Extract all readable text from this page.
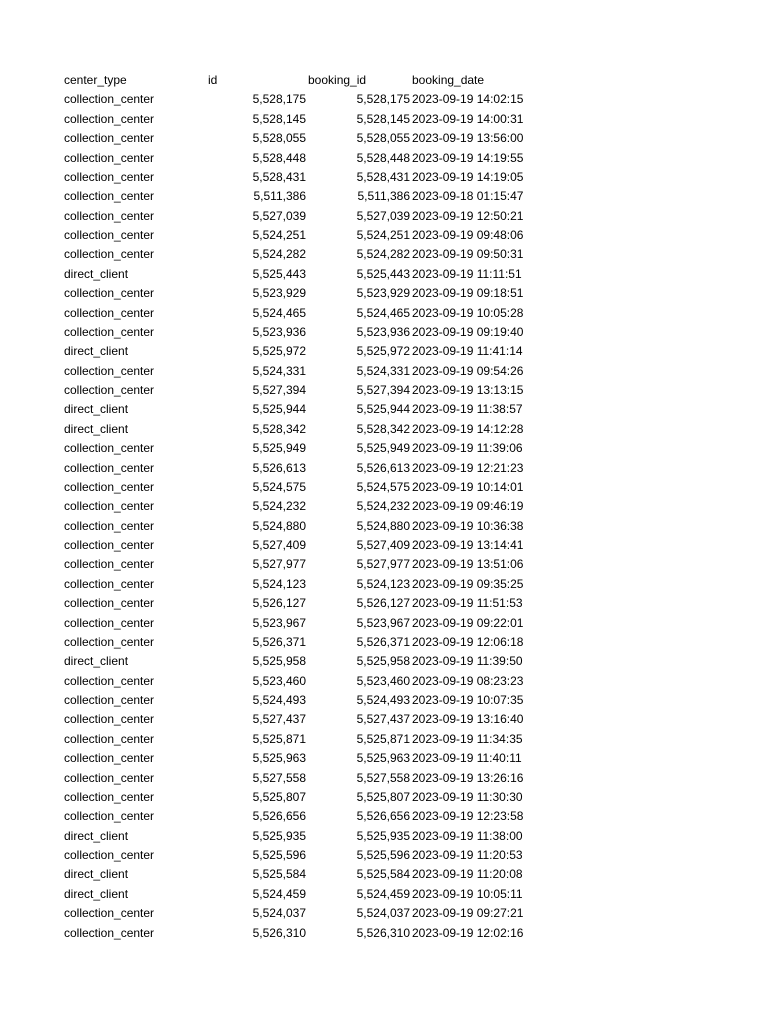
center_type	id	booking_id	booking_date
collection_center	5,528,175	5,528,175 2023-09-19 14:02:15
collection_center	5,528,145	5,528,145 2023-09-19 14:00:31
collection_center	5,528,055	5,528,055 2023-09-19 13:56:00
collection_center	5,528,448	5,528,448 2023-09-19 14:19:55
collection_center	5,528,431	5,528,431 2023-09-19 14:19:05
collection_center	5,511,386	5,511,386 2023-09-18 01:15:47
collection_center	5,527,039	5,527,039 2023-09-19 12:50:21
collection_center	5,524,251	5,524,251 2023-09-19 09:48:06
collection_center	5,524,282	5,524,282 2023-09-19 09:50:31
direct_client	5,525,443	5,525,443 2023-09-19 11:11:51
collection_center	5,523,929	5,523,929 2023-09-19 09:18:51
collection_center	5,524,465	5,524,465 2023-09-19 10:05:28
collection_center	5,523,936	5,523,936 2023-09-19 09:19:40
direct_client	5,525,972	5,525,972 2023-09-19 11:41:14
collection_center	5,524,331	5,524,331 2023-09-19 09:54:26
collection_center	5,527,394	5,527,394 2023-09-19 13:13:15
direct_client	5,525,944	5,525,944 2023-09-19 11:38:57
direct_client	5,528,342	5,528,342 2023-09-19 14:12:28
collection_center	5,525,949	5,525,949 2023-09-19 11:39:06
collection_center	5,526,613	5,526,613 2023-09-19 12:21:23
collection_center	5,524,575	5,524,575 2023-09-19 10:14:01
collection_center	5,524,232	5,524,232 2023-09-19 09:46:19
collection_center	5,524,880	5,524,880 2023-09-19 10:36:38
collection_center	5,527,409	5,527,409 2023-09-19 13:14:41
collection_center	5,527,977	5,527,977 2023-09-19 13:51:06
collection_center	5,524,123	5,524,123 2023-09-19 09:35:25
collection_center	5,526,127	5,526,127 2023-09-19 11:51:53
collection_center	5,523,967	5,523,967 2023-09-19 09:22:01
collection_center	5,526,371	5,526,371 2023-09-19 12:06:18
direct_client	5,525,958	5,525,958 2023-09-19 11:39:50
collection_center	5,523,460	5,523,460 2023-09-19 08:23:23
collection_center	5,524,493	5,524,493 2023-09-19 10:07:35
collection_center	5,527,437	5,527,437 2023-09-19 13:16:40
collection_center	5,525,871	5,525,871 2023-09-19 11:34:35
collection_center	5,525,963	5,525,963 2023-09-19 11:40:11
collection_center	5,527,558	5,527,558 2023-09-19 13:26:16
collection_center	5,525,807	5,525,807 2023-09-19 11:30:30
collection_center	5,526,656	5,526,656 2023-09-19 12:23:58
direct_client	5,525,935	5,525,935 2023-09-19 11:38:00
collection_center	5,525,596	5,525,596 2023-09-19 11:20:53
direct_client	5,525,584	5,525,584 2023-09-19 11:20:08
direct_client	5,524,459	5,524,459 2023-09-19 10:05:11
collection_center	5,524,037	5,524,037 2023-09-19 09:27:21
collection_center	5,526,310	5,526,310 2023-09-19 12:02:16
